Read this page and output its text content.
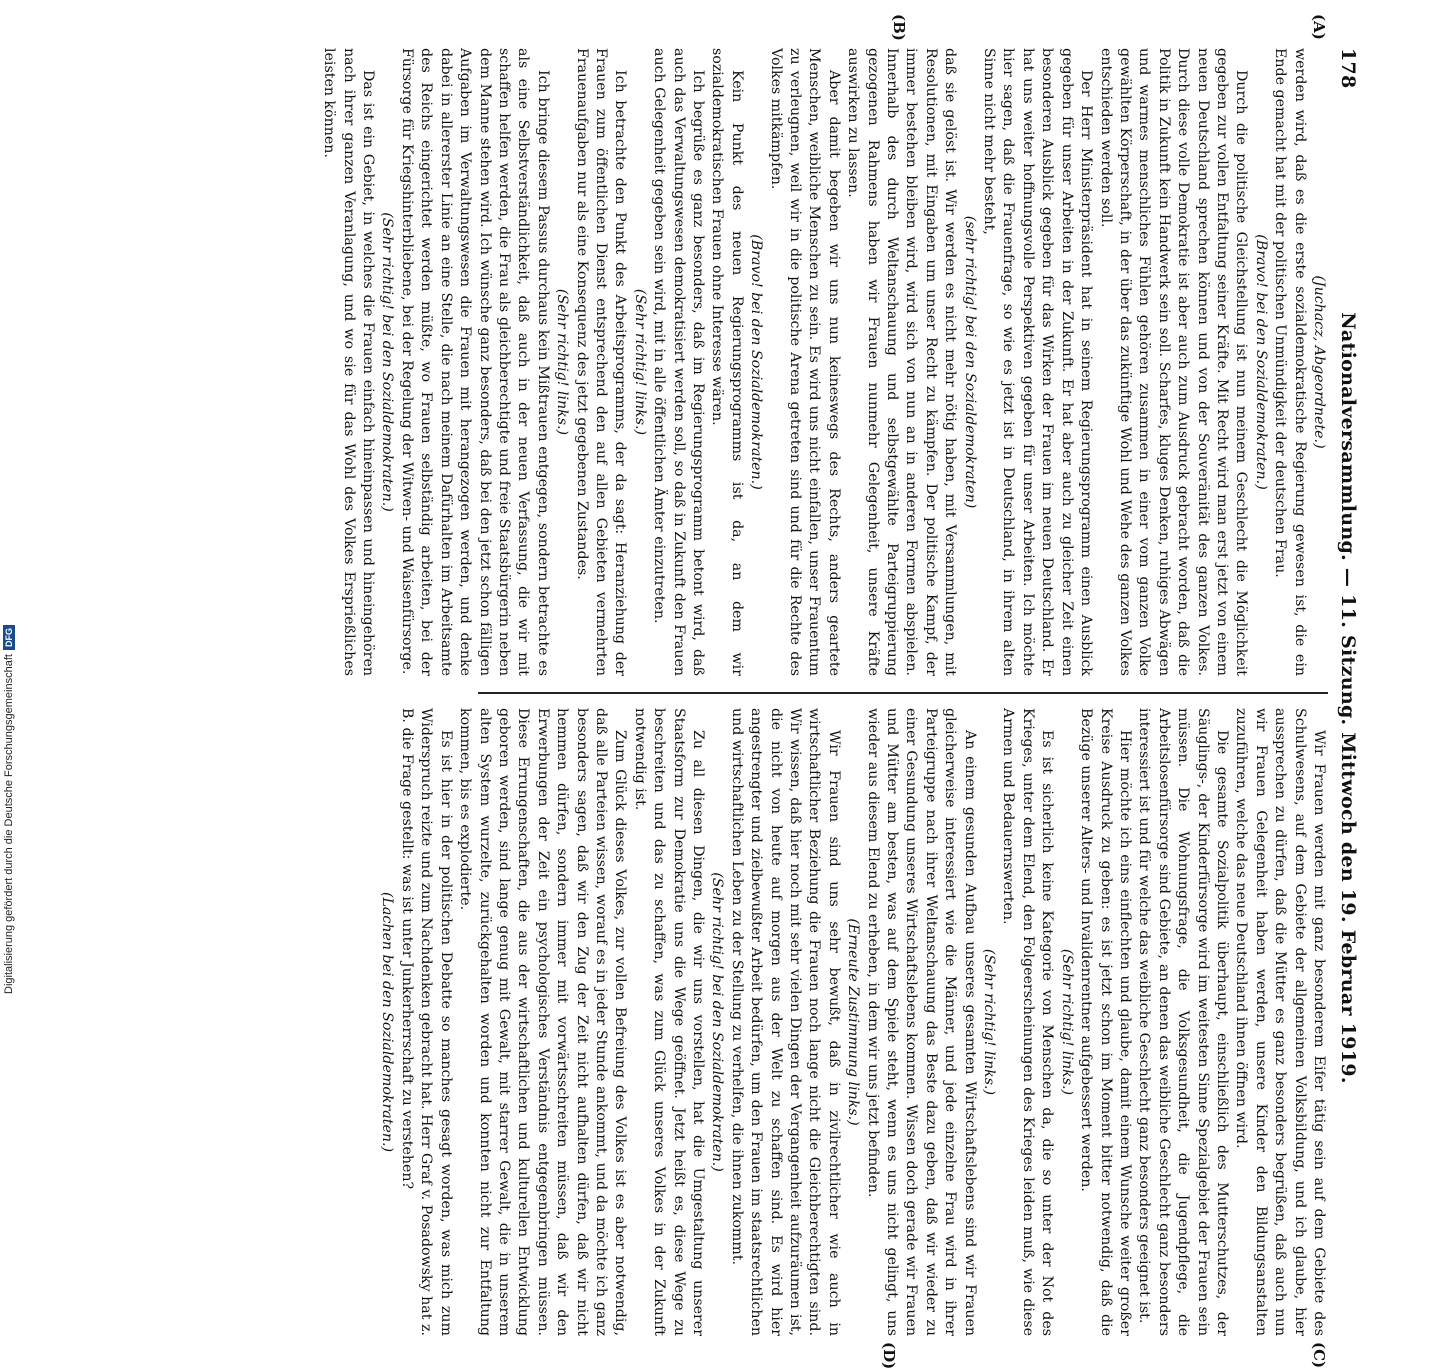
178
Nationalversammlung. — 11. Sitzung. Mittwoch den 19. Februar 1919.
(A)
(B)
(C)
(D)

(Juchacz, Abgeordnete.)

werden wird, daß es die erste sozialdemokratische Regierung gewesen ist, die ein Ende gemacht hat mit der politischen Unmündigkeit der deutschen Frau.

(Bravo! bei den Sozialdemokraten.)

Durch die politische Gleichstellung ist nun meinem Geschlecht die Möglichkeit gegeben zur vollen Entfaltung seiner Kräfte. Mit Recht wird man erst jetzt von einem neuen Deutschland sprechen können und von der Souveränität des ganzen Volkes. Durch diese volle Demokratie ist aber auch zum Ausdruck gebracht worden, daß die Politik in Zukunft kein Handwerk sein soll. Scharfes, kluges Denken, ruhiges Abwägen und warmes menschliches Fühlen gehören zusammen in einer vom ganzen Volke gewählten Körperschaft, in der über das zukünftige Wohl und Wehe des ganzen Volkes entschieden werden soll.

Der Herr Ministerpräsident hat in seinem Regierungsprogramm einen Ausblick gegeben für unser Arbeiten in der Zukunft. Er hat aber auch zu gleicher Zeit einen besonderen Ausblick gegeben für das Wirken der Frauen im neuen Deutschland. Er hat uns weiter hoffnungsvolle Perspektiven gegeben für unser Arbeiten. Ich möchte hier sagen, daß die Frauenfrage, so wie es jetzt ist in Deutschland, in ihrem alten Sinne nicht mehr besteht,

(sehr richtig! bei den Sozialdemokraten)

daß sie gelöst ist. Wir werden es nicht mehr nötig haben, mit Versammlungen, mit Resolutionen, mit Eingaben um unser Recht zu kämpfen. Der politische Kampf, der immer bestehen bleiben wird, wird sich von nun an in anderen Formen abspielen. Innerhalb des durch Weltanschauung und selbstgewählte Parteigruppierung gezogenen Rahmens haben wir Frauen nunmehr Gelegenheit, unsere Kräfte auswirken zu lassen.

Aber damit begeben wir uns nun keineswegs des Rechts, anders geartete Menschen, weibliche Menschen zu sein. Es wird uns nicht einfallen, unser Frauentum zu verleugnen, weil wir in die politische Arena getreten sind und für die Rechte des Volkes mitkämpfen.

(Bravo! bei den Sozialdemokraten.)

Kein Punkt des neuen Regierungsprogramms ist da, an dem wir sozialdemokratischen Frauen ohne Interesse wären.

Ich begrüße es ganz besonders, daß im Regierungsprogramm betont wird, daß auch das Verwaltungswesen demokratisiert werden soll, so daß in Zukunft den Frauen auch Gelegenheit gegeben sein wird, mit in alle öffentlichen Ämter einzutreten.

(Sehr richtig! links.)

Ich betrachte den Punkt des Arbeitsprogramms, der da sagt: Heranziehung der Frauen zum öffentlichen Dienst entsprechend den auf allen Gebieten vermehrten Frauenaufgaben nur als eine Konsequenz des jetzt gegebenen Zustandes.

(Sehr richtig! links.)

Ich bringe diesem Passus durchaus kein Mißtrauen entgegen, sondern betrachte es als eine Selbstverständlichkeit, daß auch in der neuen Verfassung, die wir mit schaffen helfen werden, die Frau als gleichberechtigte und freie Staatsbürgerin neben dem Manne stehen wird. Ich wünsche ganz besonders, daß bei den jetzt schon fälligen Aufgaben im Verwaltungswesen die Frauen mit herangezogen werden, und denke dabei in allererster Linie an eine Stelle, die nach meinem Dafürhalten im Arbeitsamte des Reichs eingerichtet werden müßte, wo Frauen selbständig arbeiten, bei der Fürsorge für Kriegshinterbliebene, bei der Regelung der Witwen- und Waisenfürsorge.

(Sehr richtig! bei den Sozialdemokraten.)

Das ist ein Gebiet, in welches die Frauen einfach hineinpassen und hineingehören nach ihrer ganzen Veranlagung, und wo sie für das Wohl des Volkes Ersprießliches leisten können.

Wir Frauen werden mit ganz besonderem Eifer tätig sein auf dem Gebiete des Schulwesens, auf dem Gebiete der allgemeinen Volksbildung, und ich glaube, hier aussprechen zu dürfen, daß die Mütter es ganz besonders begrüßen, daß auch nun wir Frauen Gelegenheit haben werden, unsere Kinder den Bildungsanstalten zuzuführen, welche das neue Deutschland ihnen öffnen wird.

Die gesamte Sozialpolitik überhaupt, einschließlich des Mutterschutzes, der Säuglings-, der Kinderfürsorge wird im weitesten Sinne Spezialgebiet der Frauen sein müssen. Die Wohnungsfrage, die Volksgesundheit, die Jugendpflege, die Arbeitslosenfürsorge sind Gebiete, an denen das weibliche Geschlecht ganz besonders interessiert ist und für welche das weibliche Geschlecht ganz besonders geeignet ist.

Hier möchte ich eins einflechten und glaube, damit einem Wunsche weiter großer Kreise Ausdruck zu geben: es ist jetzt schon im Moment bitter notwendig, daß die Bezüge unserer Alters- und Invalidenrentner aufgebessert werden.

(Sehr richtig! links.)

Es ist sicherlich keine Kategorie von Menschen da, die so unter der Not des Krieges, unter dem Elend, den Folgeerscheinungen des Krieges leiden muß, wie diese Armen und Bedauernswerten.

(Sehr richtig! links.)

An einem gesunden Aufbau unseres gesamten Wirtschaftslebens sind wir Frauen gleicherweise interessiert wie die Männer, und jede einzelne Frau wird in ihrer Parteigruppe nach ihrer Weltanschauung das Beste dazu geben, daß wir wieder zu einer Gesundung unseres Wirtschaftslebens kommen. Wissen doch gerade wir Frauen und Mütter am besten, was auf dem Spiele steht, wenn es uns nicht gelingt, uns wieder aus diesem Elend zu erheben, in dem wir uns jetzt befinden.

(Erneute Zustimmung links.)

Wir Frauen sind uns sehr bewußt, daß in zivilrechtlicher wie auch in wirtschaftlicher Beziehung die Frauen noch lange nicht die Gleichberechtigten sind. Wir wissen, daß hier noch mit sehr vielen Dingen der Vergangenheit aufzuräumen ist, die nicht von heute auf morgen aus der Welt zu schaffen sind. Es wird hier angestrengter und zielbewußter Arbeit bedürfen, um den Frauen im staatsrechtlichen und wirtschaftlichen Leben zu der Stellung zu verhelfen, die ihnen zukommt.

(Sehr richtig! bei den Sozialdemokraten.)

Zu all diesen Dingen, die wir uns vorstellen, hat die Umgestaltung unserer Staatsform zur Demokratie uns die Wege geöffnet. Jetzt heißt es, diese Wege zu beschreiten und das zu schaffen, was zum Glück unseres Volkes in der Zukunft notwendig ist.

Zum Glück dieses Volkes, zur vollen Befreiung des Volkes ist es aber notwendig, daß alle Parteien wissen, worauf es in jeder Stunde ankommt, und da möchte ich ganz besonders sagen, daß wir den Zug der Zeit nicht aufhalten dürfen, daß wir nicht hemmen dürfen, sondern immer mit vorwärtsschreiten müssen, daß wir den Erwerbungen der Zeit ein psychologisches Verständnis entgegenbringen müssen. Diese Errungenschaften, die aus der wirtschaftlichen und kulturellen Entwicklung geboren werden, sind lange genug mit Gewalt, mit starrer Gewalt, die in unserem alten System wurzelte, zurückgehalten worden und konnten nicht zur Entfaltung kommen, bis es explodierte.

Es ist hier in der politischen Debatte so manches gesagt worden, was mich zum Widerspruch reizte und zum Nachdenken gebracht hat. Herr Graf v. Posadowsky hat z. B. die Frage gestellt: was ist unter Junkerherrschaft zu verstehen?

(Lachen bei den Sozialdemokraten.)

Digitalisierung gefördert durch die Deutsche Forschungsgemeinschaft
DFG
